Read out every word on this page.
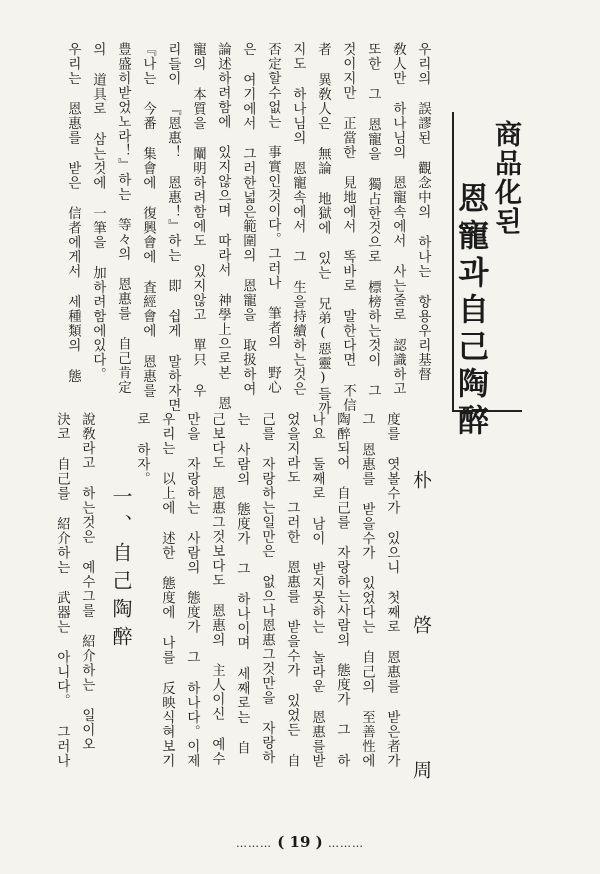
商品化된
恩寵과自己陶醉
朴 啓 周
우리의 誤謬된 觀念中의 하나는 항용우리基督
敎人만 하나님의 恩寵속에서 사는줄로 認識하고
또한 그 恩寵을 獨占한것으로 標榜하는것이 그
것이지만 正當한 見地에서 똑바로 말한다면 不信
者 異敎人은 無論 地獄에 있는 兄弟(惡靈)들까
지도 하나님의 恩寵속에서 그 生을持續하는것은
否定할수없는 事實인것이다。그러나 筆者의 野心
은 여기에서 그러한넓은範圍의 恩寵을 取扱하여
論述하려함에 있지않으며 따라서 神學上으로본 恩
寵의 本質을 闡明하려함에도 있지않고 單只 우
리들이 『恩惠！ 恩惠！』하는 即 쉽게 말하자면
『나는 今番 集會에 復興會에 査經會에 恩惠를
豊盛히받었노라！』하는 等々의 恩惠를 自己肯定
의 道具로 삼는것에 一筆을 加하려함에있다。
우리는 恩惠를 받은 信者에게서 세種類의 態
度를 엿볼수가 있으니 첫째로 恩惠를 받은者가
그 恩惠를 받을수가 있었다는 自己의 至善性에
陶醉되어 自己를 자랑하는사람의 態度가 그 하
나요 둘째로 남이 받지못하는 놀라운 恩惠를받
었을지라도 그러한 恩惠를 받을수가 있었든 自
己를 자랑하는일만은 없으나恩惠그것만을 자랑하
는 사람의 態度가 그 하나이며 세째로는 自
己보다도 恩惠그것보다도 恩惠의 主人이신 예수
만을 자랑하는 사람의 態度가 그 하나다。이제
우리는 以上에 述한 態度에 나를 反映식혀보기
로 하자。
一、自己陶醉
說敎라고 하는것은 예수그를 紹介하는 일이오
決코 自己를 紹介하는 武器는 아니다。 그러나
……… ( 19 ) ………
